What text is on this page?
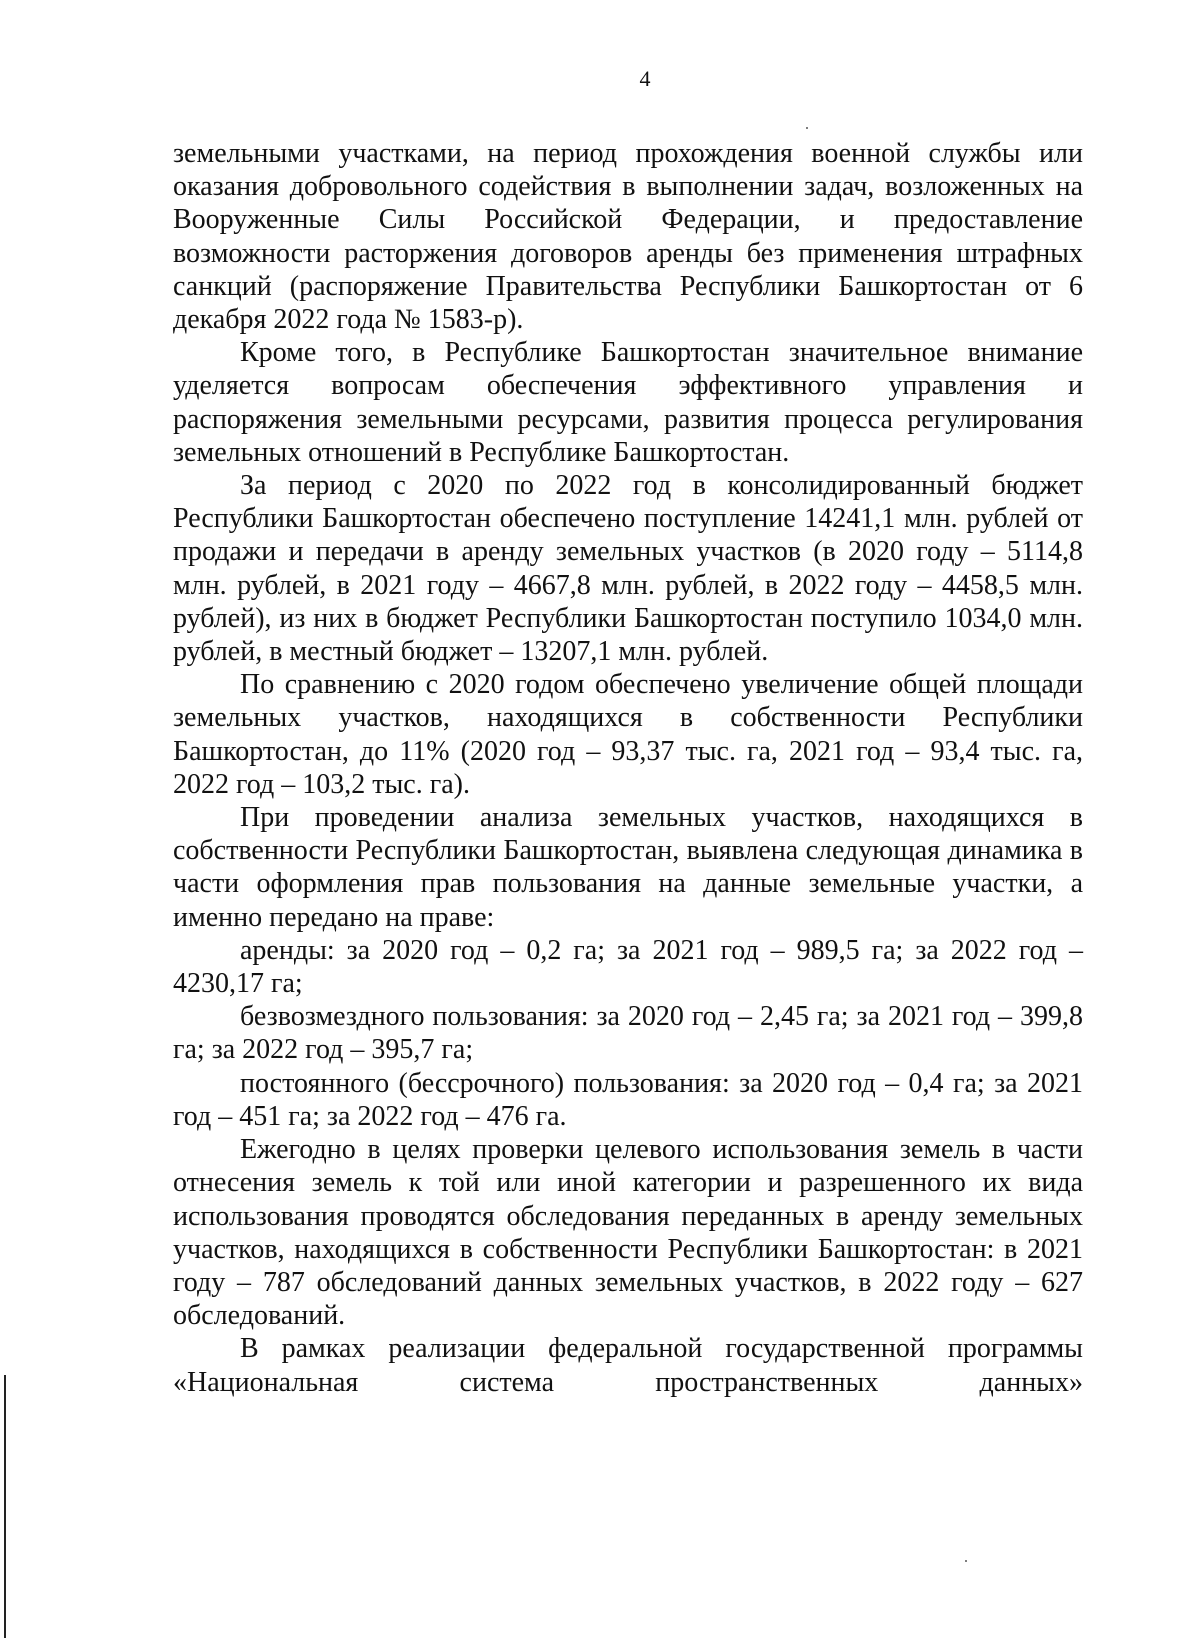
4

земельными участками, на период прохождения военной службы или оказания добровольного содействия в выполнении задач, возложенных на Вооруженные Силы Российской Федерации, и предоставление возможности расторжения договоров аренды без применения штрафных санкций (распоряжение Правительства Республики Башкортостан от 6 декабря 2022 года № 1583-р).

Кроме того, в Республике Башкортостан значительное внимание уделяется вопросам обеспечения эффективного управления и распоряжения земельными ресурсами, развития процесса регулирования земельных отношений в Республике Башкортостан.

За период с 2020 по 2022 год в консолидированный бюджет Республики Башкортостан обеспечено поступление 14241,1 млн. рублей от продажи и передачи в аренду земельных участков (в 2020 году – 5114,8 млн. рублей, в 2021 году – 4667,8 млн. рублей, в 2022 году – 4458,5 млн. рублей), из них в бюджет Республики Башкортостан поступило 1034,0 млн. рублей, в местный бюджет – 13207,1 млн. рублей.

По сравнению с 2020 годом обеспечено увеличение общей площади земельных участков, находящихся в собственности Республики Башкортостан, до 11% (2020 год – 93,37 тыс. га, 2021 год – 93,4 тыс. га, 2022 год – 103,2 тыс. га).

При проведении анализа земельных участков, находящихся в собственности Республики Башкортостан, выявлена следующая динамика в части оформления прав пользования на данные земельные участки, а именно передано на праве:

аренды: за 2020 год – 0,2 га; за 2021 год – 989,5 га; за 2022 год – 4230,17 га;

безвозмездного пользования: за 2020 год – 2,45 га; за 2021 год – 399,8 га; за 2022 год – 395,7 га;

постоянного (бессрочного) пользования: за 2020 год – 0,4 га; за 2021 год – 451 га; за 2022 год – 476 га.

Ежегодно в целях проверки целевого использования земель в части отнесения земель к той или иной категории и разрешенного их вида использования проводятся обследования переданных в аренду земельных участков, находящихся в собственности Республики Башкортостан: в 2021 году – 787 обследований данных земельных участков, в 2022 году – 627 обследований.

В рамках реализации федеральной государственной программы «Национальная система пространственных данных»
